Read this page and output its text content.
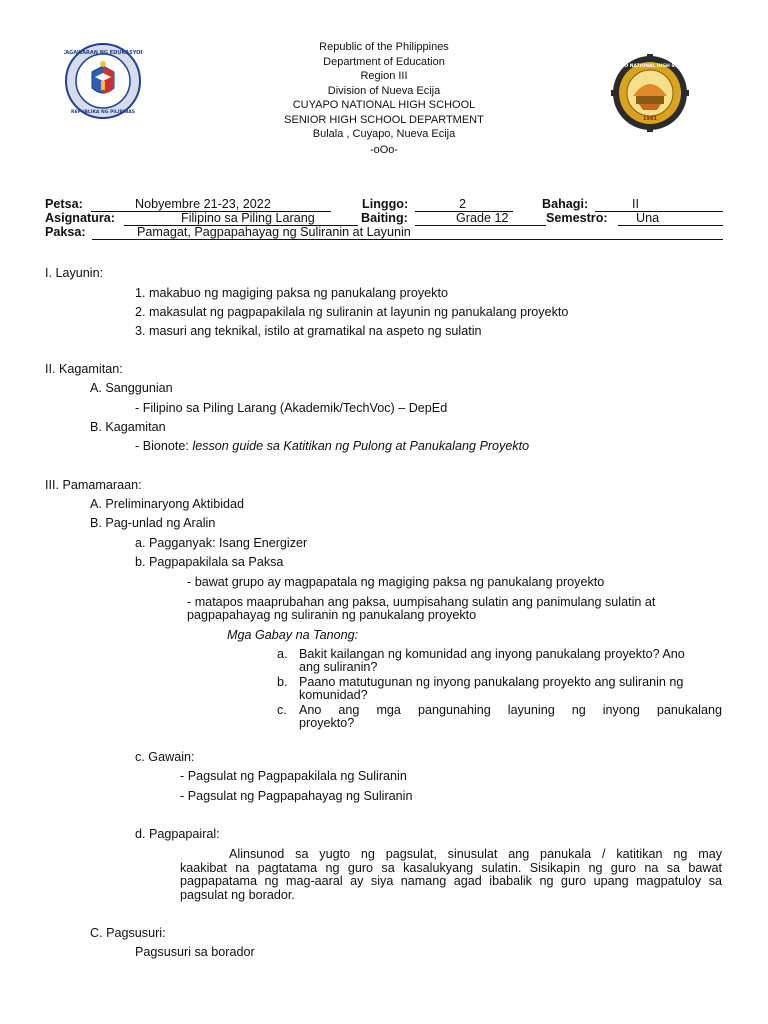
KAGAWARAN NG EDUKASYON
REPUBLIKA NG PILIPINAS
CUYAPO NATIONAL HIGH SCHOOL
1981
Republic of the Philippines
Department of Education
Region III
Division of Nueva Ecija
CUYAPO NATIONAL HIGH SCHOOL
SENIOR HIGH SCHOOL DEPARTMENT
Bulala , Cuyapo, Nueva Ecija
-oOo-
Petsa:	Nobyembre 21-23, 2022	Linggo:	2	Bahagi:	II
Asignatura:	Filipino sa Piling Larang	Baiting:	Grade 12	Semestro: Una
Paksa:	Pamagat, Pagpapahayag ng Suliranin at Layunin
I. Layunin:
1. makabuo ng magiging paksa ng panukalang proyekto
2. makasulat ng pagpapakilala ng suliranin at layunin ng panukalang proyekto
3. masuri ang teknikal, istilo at gramatikal na aspeto ng sulatin
II. Kagamitan:
A. Sanggunian
- Filipino sa Piling Larang (Akademik/TechVoc) – DepEd
B. Kagamitan
- Bionote: lesson guide sa Katitikan ng Pulong at Panukalang Proyekto
III. Pamamaraan:
A. Preliminaryong Aktibidad
B. Pag-unlad ng Aralin
a. Pagganyak: Isang Energizer
b. Pagpapakilala sa Paksa
- bawat grupo ay magpapatala ng magiging paksa ng panukalang proyekto
- matapos maaprubahan ang paksa, uumpisahang sulatin ang panimulang sulatin at
pagpapahayag ng suliranin ng panukalang proyekto
Mga Gabay na Tanong:
a. Bakit kailangan ng komunidad ang inyong panukalang proyekto? Ano
ang suliranin?
b. Paano matutugunan ng inyong panukalang proyekto ang suliranin ng
komunidad?
c. Ano ang mga pangunahing layuning ng inyong panukalang
proyekto?
c. Gawain:
- Pagsulat ng Pagpapakilala ng Suliranin
- Pagsulat ng Pagpapahayag ng Suliranin
d. Pagpapairal:
Alinsunod sa yugto ng pagsulat, sinusulat ang panukala / katitikan ng may
kaakibat na pagtatama ng guro sa kasalukyang sulatin. Sisikapin ng guro na sa bawat
pagpapatama ng mag-aaral ay siya namang agad ibabalik ng guro upang magpatuloy sa
pagsulat ng borador.
C. Pagsusuri:
Pagsusuri sa borador
